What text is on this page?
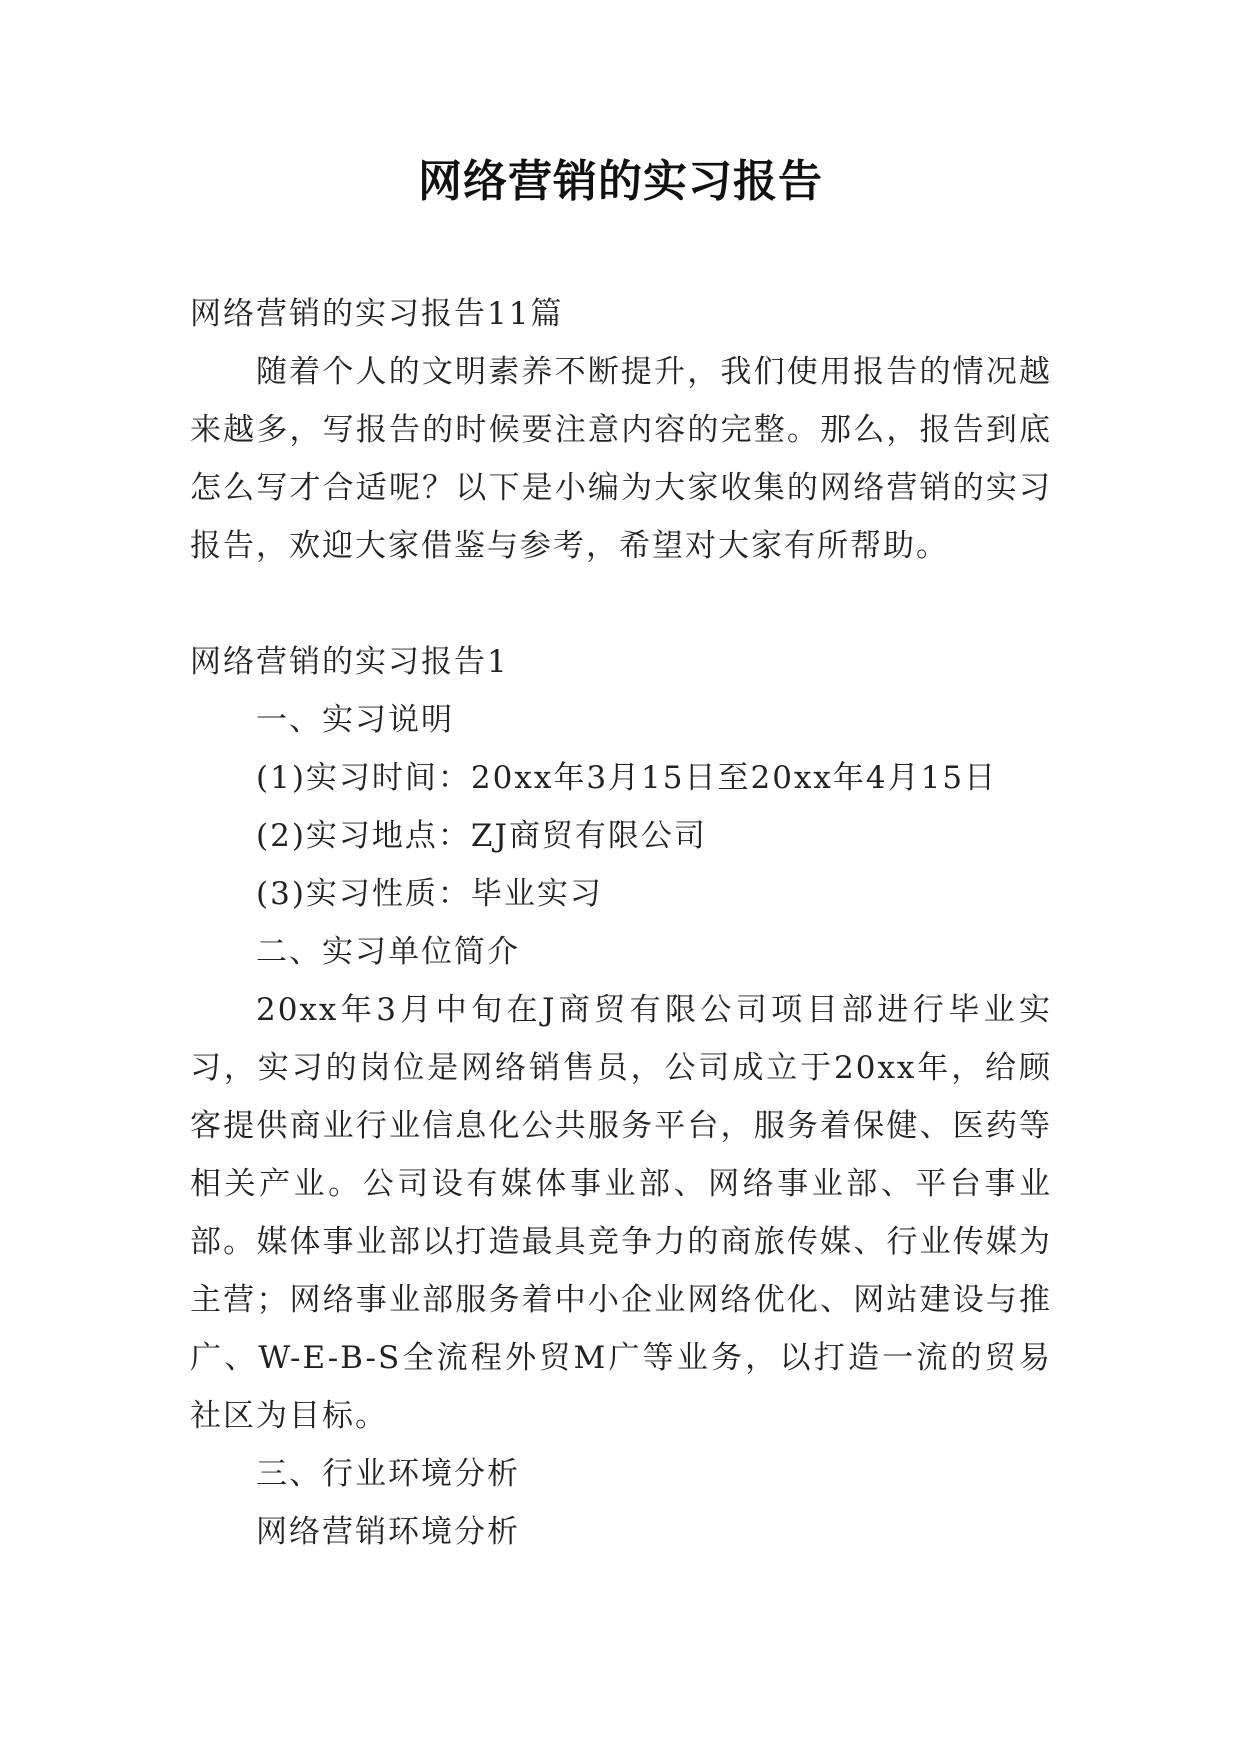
网络营销的实习报告

网络营销的实习报告11篇

随着个人的文明素养不断提升，我们使用报告的情况越来越多，写报告的时候要注意内容的完整。那么，报告到底怎么写才合适呢？以下是小编为大家收集的网络营销的实习报告，欢迎大家借鉴与参考，希望对大家有所帮助。

网络营销的实习报告1

一、实习说明

(1)实习时间：20xx年3月15日至20xx年4月15日

(2)实习地点：ZJ商贸有限公司

(3)实习性质：毕业实习

二、实习单位简介

20xx年3月中旬在J商贸有限公司项目部进行毕业实习，实习的岗位是网络销售员，公司成立于20xx年，给顾客提供商业行业信息化公共服务平台，服务着保健、医药等相关产业。公司设有媒体事业部、网络事业部、平台事业部。媒体事业部以打造最具竞争力的商旅传媒、行业传媒为主营；网络事业部服务着中小企业网络优化、网站建设与推广、W-E-B-S全流程外贸M广等业务，以打造一流的贸易社区为目标。

三、行业环境分析

网络营销环境分析
